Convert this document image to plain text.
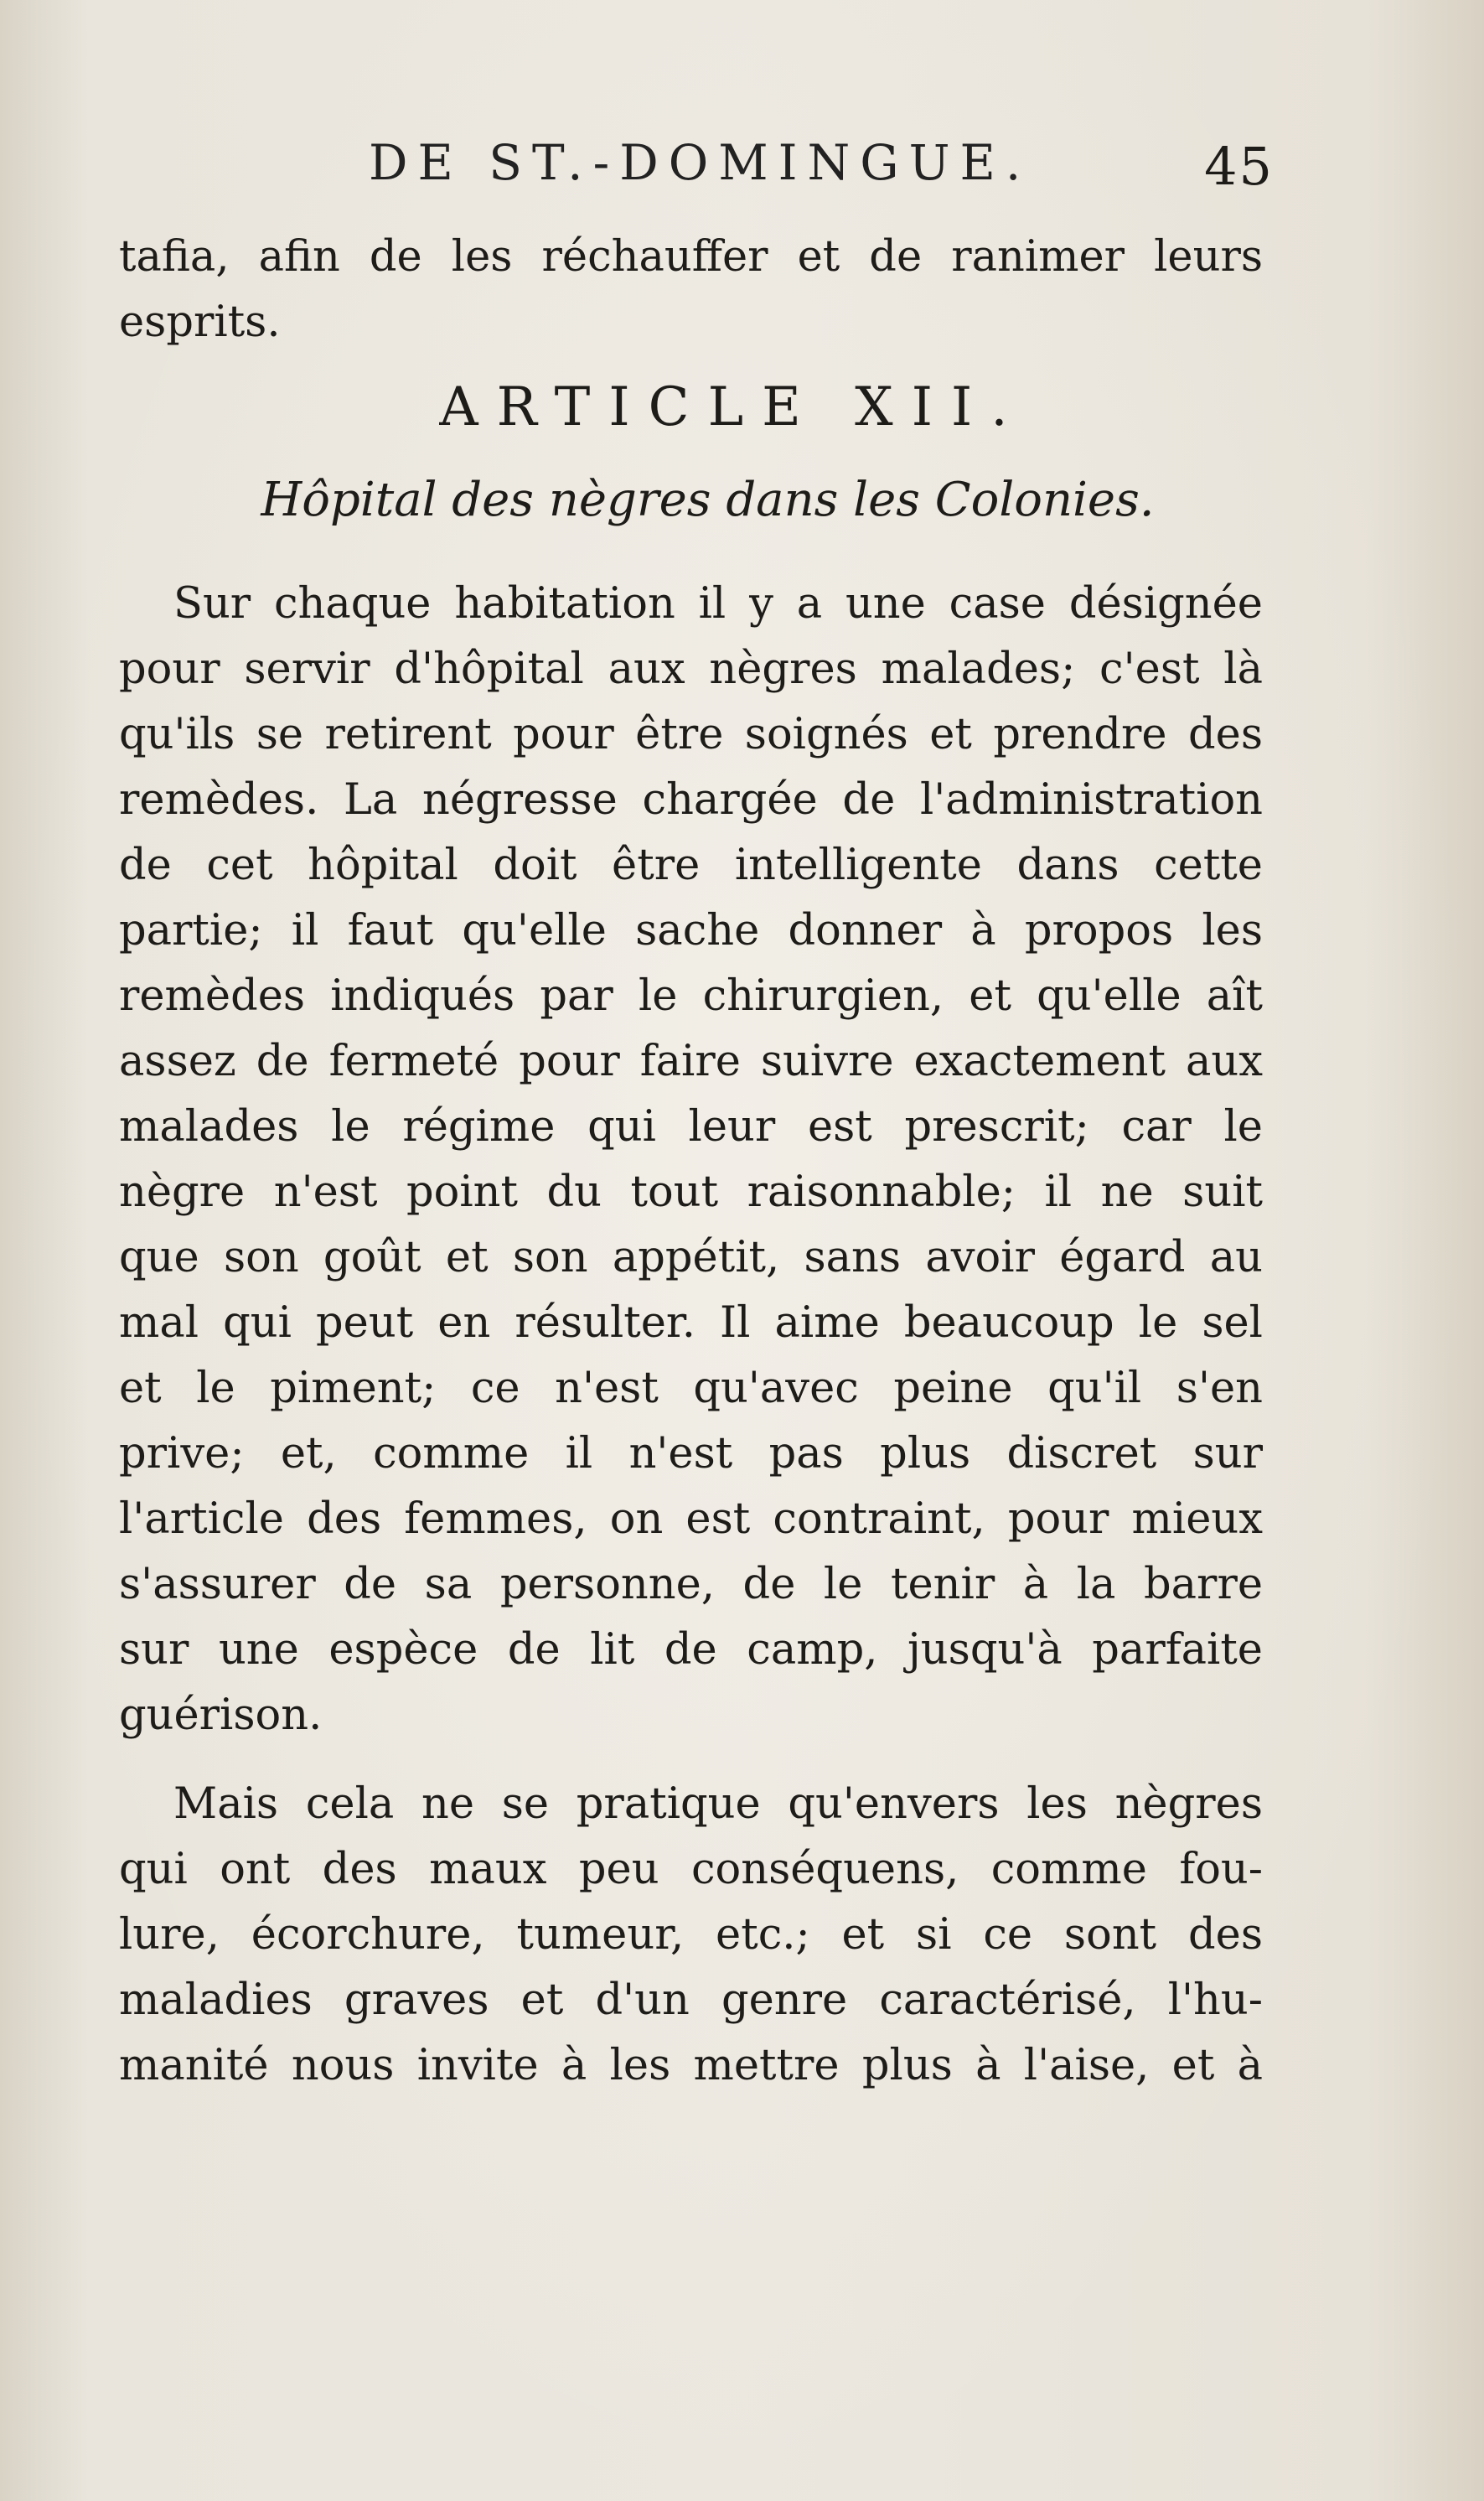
DE ST.-DOMINGUE.	45
tafia, afin de les réchauffer et de ranimer leurs
esprits.
ARTICLE XII.
Hôpital des nègres dans les Colonies.
Sur chaque habitation il y a une case désignée
pour servir d'hôpital aux nègres malades; c'est là
qu'ils se retirent pour être soignés et prendre des
remèdes. La négresse chargée de l'administration
de cet hôpital doit être intelligente dans cette
partie; il faut qu'elle sache donner à propos les
remèdes indiqués par le chirurgien, et qu'elle aît
assez de fermeté pour faire suivre exactement aux
malades le régime qui leur est prescrit; car le
nègre n'est point du tout raisonnable; il ne suit
que son goût et son appétit, sans avoir égard au
mal qui peut en résulter. Il aime beaucoup le sel
et le piment; ce n'est qu'avec peine qu'il s'en
prive; et, comme il n'est pas plus discret sur
l'article des femmes, on est contraint, pour mieux
s'assurer de sa personne, de le tenir à la barre
sur une espèce de lit de camp, jusqu'à parfaite
guérison.
Mais cela ne se pratique qu'envers les nègres
qui ont des maux peu conséquens, comme fou-
lure, écorchure, tumeur, etc.; et si ce sont des
maladies graves et d'un genre caractérisé, l'hu-
manité nous invite à les mettre plus à l'aise, et à
